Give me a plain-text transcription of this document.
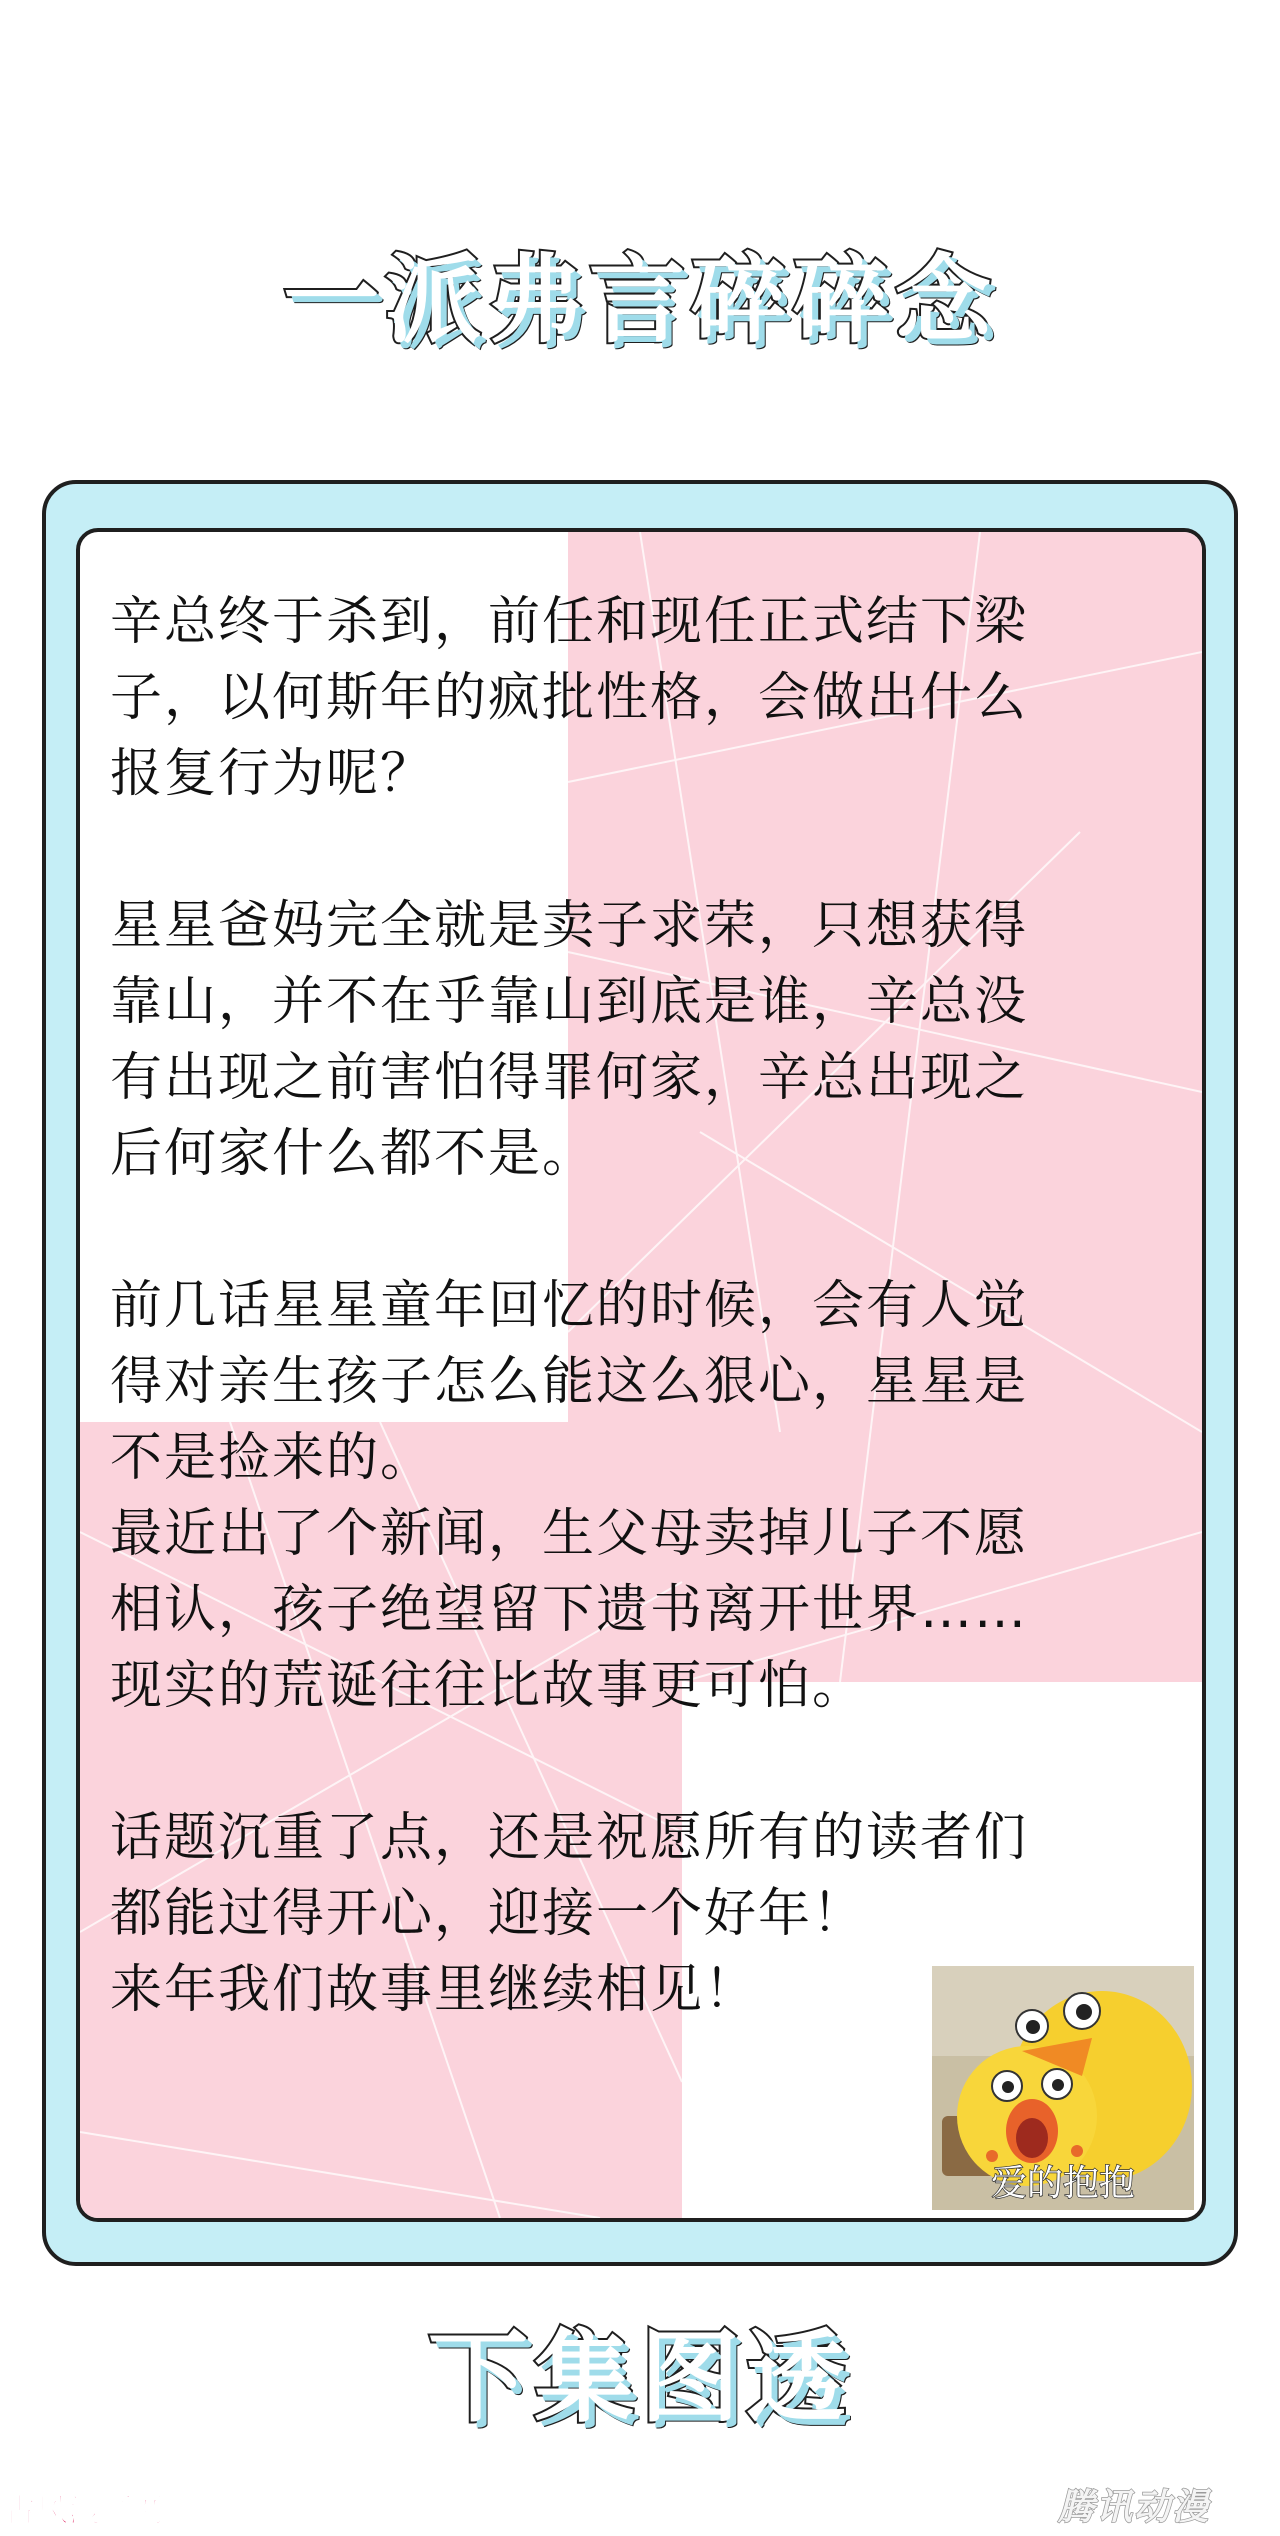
一派弗言碎碎念

辛总终于杀到，前任和现任正式结下梁
子，以何斯年的疯批性格，会做出什么
报复行为呢？

星星爸妈完全就是卖子求荣，只想获得
靠山，并不在乎靠山到底是谁，辛总没
有出现之前害怕得罪何家，辛总出现之
后何家什么都不是。

前几话星星童年回忆的时候，会有人觉
得对亲生孩子怎么能这么狠心，星星是
不是捡来的。

最近出了个新闻，生父母卖掉儿子不愿
相认，孩子绝望留下遗书离开世界……
现实的荒诞往往比故事更可怕。

话题沉重了点，还是祝愿所有的读者们
都能过得开心，迎接一个好年！
来年我们故事里继续相见！

爱的抱抱
下集图透
古风漫画网	腾讯动漫
